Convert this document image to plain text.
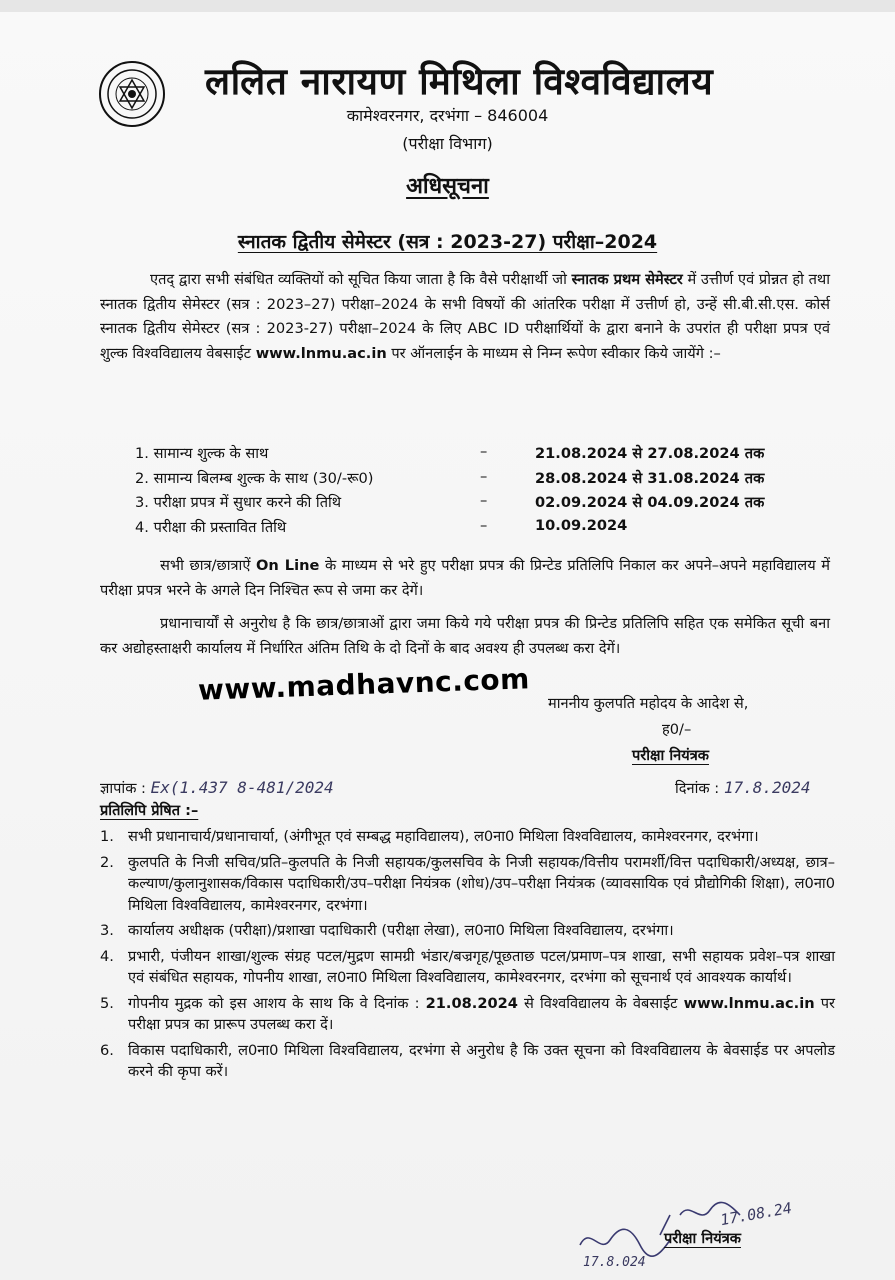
ललित नारायण मिथिला विश्वविद्यालय
कामेश्वरनगर, दरभंगा – 846004
(परीक्षा विभाग)
अधिसूचना
स्नातक द्वितीय सेमेस्टर (सत्र : 2023-27) परीक्षा–2024
एतद् द्वारा सभी संबंधित व्यक्तियों को सूचित किया जाता है कि वैसे परीक्षार्थी जो स्नातक प्रथम सेमेस्टर में उत्तीर्ण एवं प्रोन्नत हो तथा स्नातक द्वितीय सेमेस्टर (सत्र : 2023–27) परीक्षा–2024 के सभी विषयों की आंतरिक परीक्षा में उत्तीर्ण हो, उन्हें सी.बी.सी.एस. कोर्स स्नातक द्वितीय सेमेस्टर (सत्र : 2023-27) परीक्षा–2024 के लिए ABC ID परीक्षार्थियों के द्वारा बनाने के उपरांत ही परीक्षा प्रपत्र एवं शुल्क विश्वविद्यालय वेबसाईट www.lnmu.ac.in पर ऑनलाईन के माध्यम से निम्न रूपेण स्वीकार किये जायेंगे :–
1. सामान्य शुल्क के साथ	–	21.08.2024 से 27.08.2024 तक
2. सामान्य बिलम्ब शुल्क के साथ (30/-रू0)	–	28.08.2024 से 31.08.2024 तक
3. परीक्षा प्रपत्र में सुधार करने की तिथि	–	02.09.2024 से 04.09.2024 तक
4. परीक्षा की प्रस्तावित तिथि	–	10.09.2024
सभी छात्र/छात्राऐं On Line के माध्यम से भरे हुए परीक्षा प्रपत्र की प्रिन्टेड प्रतिलिपि निकाल कर अपने–अपने महाविद्यालय में परीक्षा प्रपत्र भरने के अगले दिन निश्चित रूप से जमा कर देगें।
प्रधानाचार्यों से अनुरोध है कि छात्र/छात्राओं द्वारा जमा किये गये परीक्षा प्रपत्र की प्रिन्टेड प्रतिलिपि सहित एक समेकित सूची बना कर अद्योहस्ताक्षरी कार्यालय में निर्धारित अंतिम तिथि के दो दिनों के बाद अवश्य ही उपलब्ध करा देगें।
www.madhavnc.com माननीय कुलपति महोदय के आदेश से,
ह0/–
परीक्षा नियंत्रक
ज्ञापांक : Ex(1.437 8-481/2024	दिनांक : 17.8.2024
प्रतिलिपि प्रेषित :–
1. सभी प्रधानाचार्य/प्रधानाचार्या, (अंगीभूत एवं सम्बद्ध महाविद्यालय), ल0ना0 मिथिला विश्वविद्यालय, कामेश्वरनगर, दरभंगा।
2. कुलपति के निजी सचिव/प्रति–कुलपति के निजी सहायक/कुलसचिव के निजी सहायक/वित्तीय परामर्शी/वित्त पदाधिकारी/अध्यक्ष, छात्र–कल्याण/कुलानुशासक/विकास पदाधिकारी/उप–परीक्षा नियंत्रक (शोध)/उप–परीक्षा नियंत्रक (व्यावसायिक एवं प्रौद्योगिकी शिक्षा), ल0ना0 मिथिला विश्वविद्यालय, कामेश्वरनगर, दरभंगा।
3. कार्यालय अधीक्षक (परीक्षा)/प्रशाखा पदाधिकारी (परीक्षा लेखा), ल0ना0 मिथिला विश्वविद्यालय, दरभंगा।
4. प्रभारी, पंजीयन शाखा/शुल्क संग्रह पटल/मुद्रण सामग्री भंडार/बज्रगृह/पूछताछ पटल/प्रमाण–पत्र शाखा, सभी सहायक प्रवेश–पत्र शाखा एवं संबंधित सहायक, गोपनीय शाखा, ल0ना0 मिथिला विश्वविद्यालय, कामेश्वरनगर, दरभंगा को सूचनार्थ एवं आवश्यक कार्यार्थ।
5. गोपनीय मुद्रक को इस आशय के साथ कि वे दिनांक : 21.08.2024 से विश्वविद्यालय के वेबसाईट www.lnmu.ac.in पर परीक्षा प्रपत्र का प्रारूप उपलब्ध करा दें।
6. विकास पदाधिकारी, ल0ना0 मिथिला विश्वविद्यालय, दरभंगा से अनुरोध है कि उक्त सूचना को विश्वविद्यालय के बेवसाईड पर अपलोड करने की कृपा करें।
17.08.24
17.8.024
परीक्षा नियंत्रक
